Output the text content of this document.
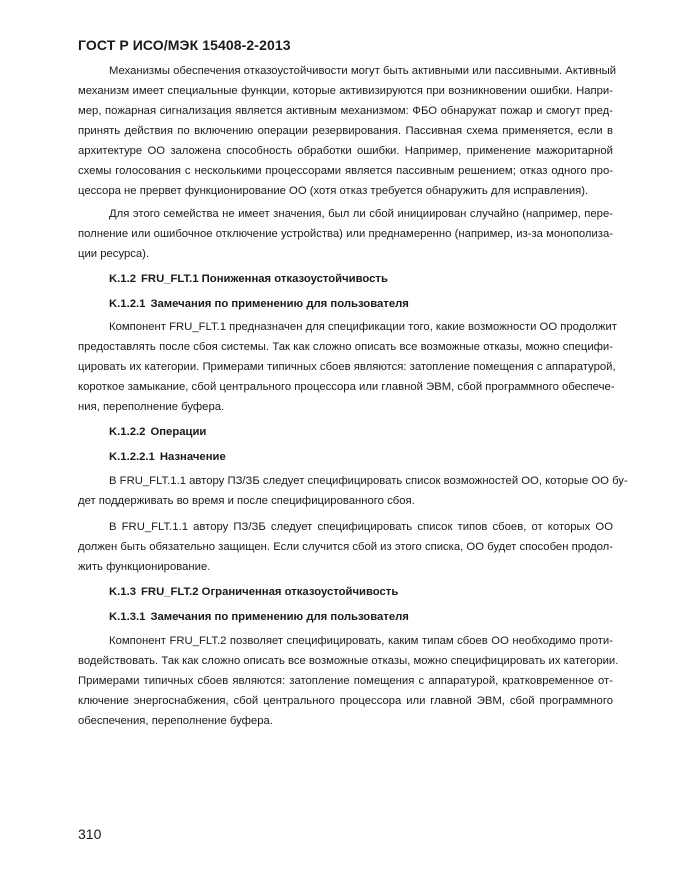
ГОСТ Р ИСО/МЭК 15408-2-2013
Механизмы обеспечения отказоустойчивости могут быть активными или пассивными. Активный
механизм имеет специальные функции, которые активизируются при возникновении ошибки. Напри-
мер, пожарная сигнализация является активным механизмом: ФБО обнаружат пожар и смогут пред-
принять действия по включению операции резервирования. Пассивная схема применяется, если в
архитектуре ОО заложена способность обработки ошибки. Например, применение мажоритарной
схемы голосования с несколькими процессорами является пассивным решением; отказ одного про-
цессора не прервет функционирование ОО (хотя отказ требуется обнаружить для исправления).
Для этого семейства не имеет значения, был ли сбой инициирован случайно (например, пере-
полнение или ошибочное отключение устройства) или преднамеренно (например, из-за монополиза-
ции ресурса).
K.1.2 FRU_FLT.1 Пониженная отказоустойчивость
K.1.2.1 Замечания по применению для пользователя
Компонент FRU_FLT.1 предназначен для спецификации того, какие возможности ОО продолжит
предоставлять после сбоя системы. Так как сложно описать все возможные отказы, можно специфи-
цировать их категории. Примерами типичных сбоев являются: затопление помещения с аппаратурой,
короткое замыкание, сбой центрального процессора или главной ЭВМ, сбой программного обеспече-
ния, переполнение буфера.
K.1.2.2 Операции
K.1.2.2.1 Назначение
В FRU_FLT.1.1 автору ПЗ/ЗБ следует специфицировать список возможностей ОО, которые ОО бу-
дет поддерживать во время и после специфицированного сбоя.
В FRU_FLT.1.1 автору ПЗ/ЗБ следует специфицировать список типов сбоев, от которых ОО
должен быть обязательно защищен. Если случится сбой из этого списка, ОО будет способен продол-
жить функционирование.
K.1.3 FRU_FLT.2 Ограниченная отказоустойчивость
K.1.3.1 Замечания по применению для пользователя
Компонент FRU_FLT.2 позволяет специфицировать, каким типам сбоев ОО необходимо проти-
водействовать. Так как сложно описать все возможные отказы, можно специфицировать их категории.
Примерами типичных сбоев являются: затопление помещения с аппаратурой, кратковременное от-
ключение энергоснабжения, сбой центрального процессора или главной ЭВМ, сбой программного
обеспечения, переполнение буфера.
310
